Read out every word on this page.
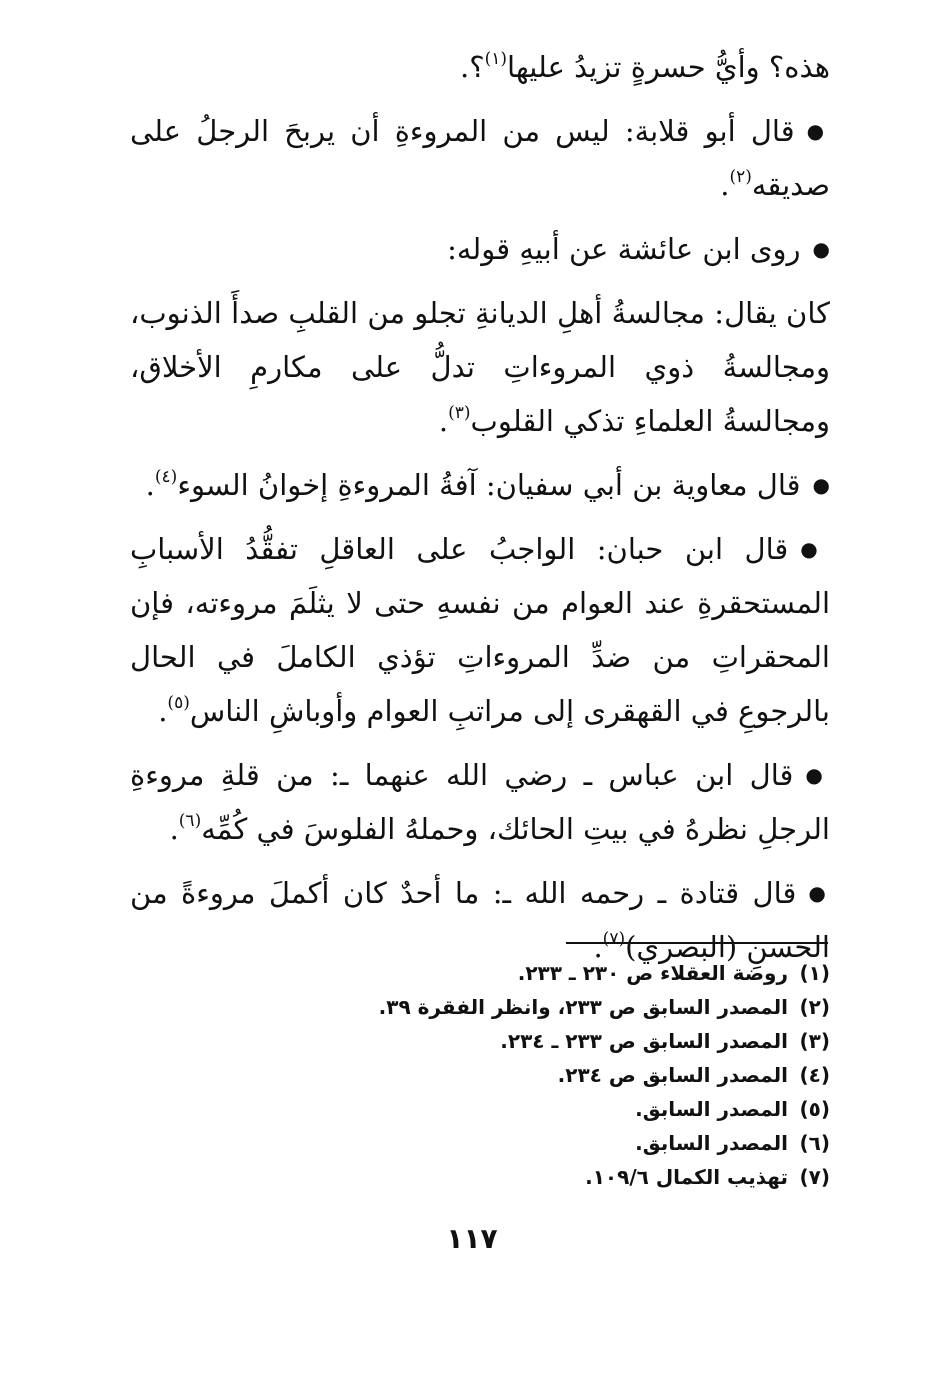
هذه؟ وأيُّ حسرةٍ تزيدُ عليها$^{(١)}$؟.

● قال أبو قلابة: ليس من المروءةِ أن يربحَ الرجلُ على صديقه$^{(٢)}$.

● روى ابن عائشة عن أبيهِ قوله:

كان يقال: مجالسةُ أهلِ الديانةِ تجلو من القلبِ صدأَ الذنوب، ومجالسةُ ذوي المروءاتِ تدلُّ على مكارمِ الأخلاق، ومجالسةُ العلماءِ تذكي القلوب$^{(٣)}$.

● قال معاوية بن أبي سفيان: آفةُ المروءةِ إخوانُ السوء$^{(٤)}$.

● قال ابن حبان: الواجبُ على العاقلِ تفقُّدُ الأسبابِ المستحقرةِ عند العوام من نفسهِ حتى لا يثلَمَ مروءته، فإن المحقراتِ من ضدِّ المروءاتِ تؤذي الكاملَ في الحال بالرجوعِ في القهقرى إلى مراتبِ العوام وأوباشِ الناس$^{(٥)}$.

● قال ابن عباس ـ رضي الله عنهما ـ: من قلةِ مروءةِ الرجلِ نظرهُ في بيتِ الحائك، وحملهُ الفلوسَ في كُمِّه$^{(٦)}$.

● قال قتادة ـ رحمه الله ـ: ما أحدٌ كان أكملَ مروءةً من الحسنِ (البصري)$^{(٧)}$.

(١)روضة العقلاء ص ٢٣٠ ـ ٢٣٣.
(٢)المصدر السابق ص ٢٣٣، وانظر الفقرة ٣٩.
(٣)المصدر السابق ص ٢٣٣ ـ ٢٣٤.
(٤)المصدر السابق ص ٢٣٤.
(٥)المصدر السابق.
(٦)المصدر السابق.
(٧)تهذيب الكمال ١٠٩/٦.
١١٧
